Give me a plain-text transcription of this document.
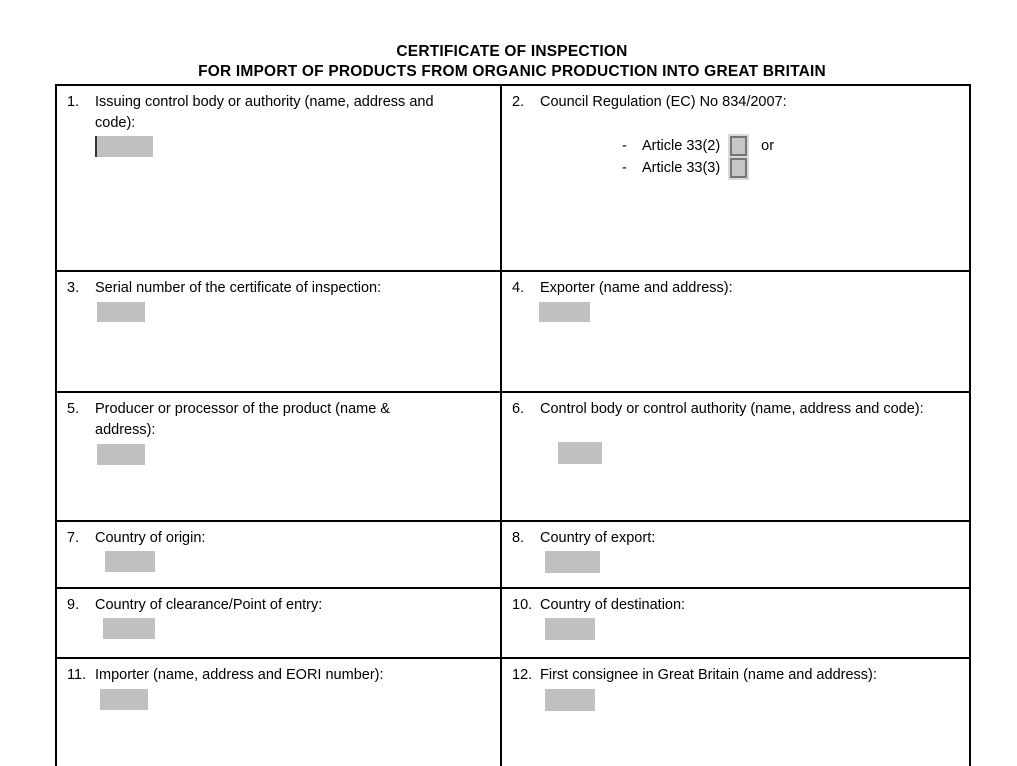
CERTIFICATE OF INSPECTION
FOR IMPORT OF PRODUCTS FROM ORGANIC PRODUCTION INTO GREAT BRITAIN
1.	Issuing control body or authority (name, address and code):

2.	Council Regulation (EC) No 834/2007:
-	Article 33(2)	or
-	Article 33(3)

3. Serial number of the certificate of inspection:	4. Exporter (name and address):

5. Producer or processor of the product (name & address):	6. Control body or control authority (name, address and code):

7. Country of origin:	8. Country of export:

9. Country of clearance/Point of entry:	10. Country of destination:

11. Importer (name, address and EORI number):	12. First consignee in Great Britain (name and address):
